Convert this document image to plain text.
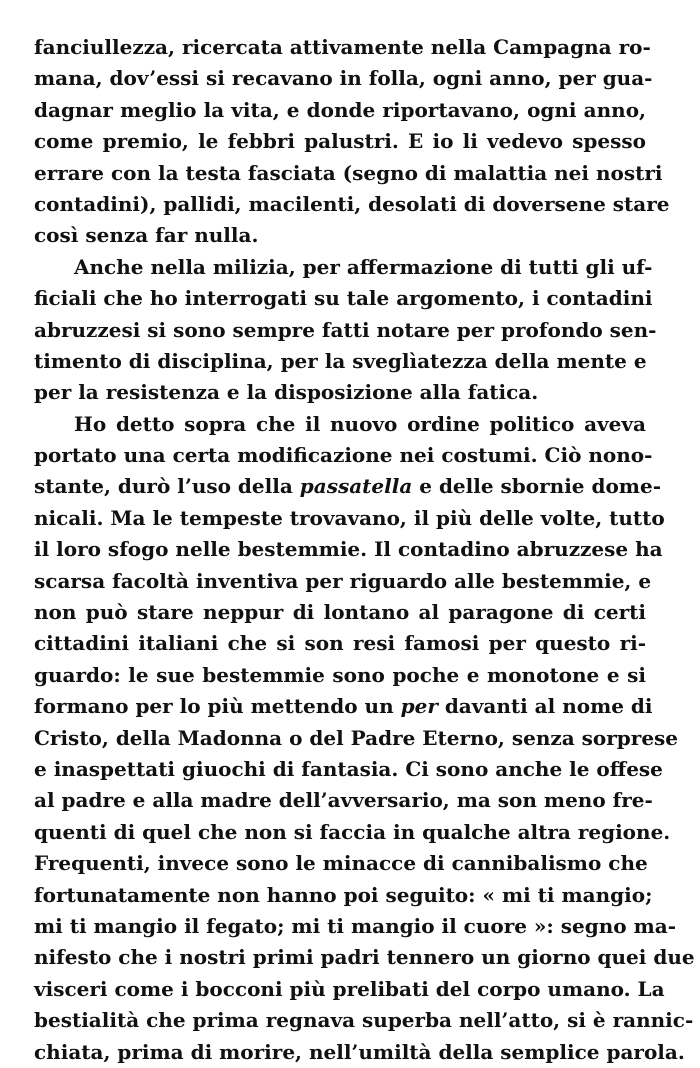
fanciullezza, ricercata attivamente nella Campagna ro-
mana, dov’essi si recavano in folla, ogni anno, per gua-
dagnar meglio la vita, e donde riportavano, ogni anno,
come premio, le febbri palustri. E io li vedevo spesso
errare con la testa fasciata (segno di malattia nei nostri
contadini), pallidi, macilenti, desolati di doversene stare
così senza far nulla.
Anche nella milizia, per affermazione di tutti gli uf-
ficiali che ho interrogati su tale argomento, i contadini
abruzzesi si sono sempre fatti notare per profondo sen-
timento di disciplina, per la sveglìatezza della mente e
per la resistenza e la disposizione alla fatica.
Ho detto sopra che il nuovo ordine politico aveva
portato una certa modificazione nei costumi. Ciò nono-
stante, durò l’uso della passatella e delle sbornie dome-
nicali. Ma le tempeste trovavano, il più delle volte, tutto
il loro sfogo nelle bestemmie. Il contadino abruzzese ha
scarsa facoltà inventiva per riguardo alle bestemmie, e
non può stare neppur di lontano al paragone di certi
cittadini italiani che si son resi famosi per questo ri-
guardo: le sue bestemmie sono poche e monotone e si
formano per lo più mettendo un per davanti al nome di
Cristo, della Madonna o del Padre Eterno, senza sorprese
e inaspettati giuochi di fantasia. Ci sono anche le offese
al padre e alla madre dell’avversario, ma son meno fre-
quenti di quel che non si faccia in qualche altra regione.
Frequenti, invece sono le minacce di cannibalismo che
fortunatamente non hanno poi seguito: « mi ti mangio;
mi ti mangio il fegato; mi ti mangio il cuore »: segno ma-
nifesto che i nostri primi padri tennero un giorno quei due
visceri come i bocconi più prelibati del corpo umano. La
bestialità che prima regnava superba nell’atto, si è rannic-
chiata, prima di morire, nell’umiltà della semplice parola.
